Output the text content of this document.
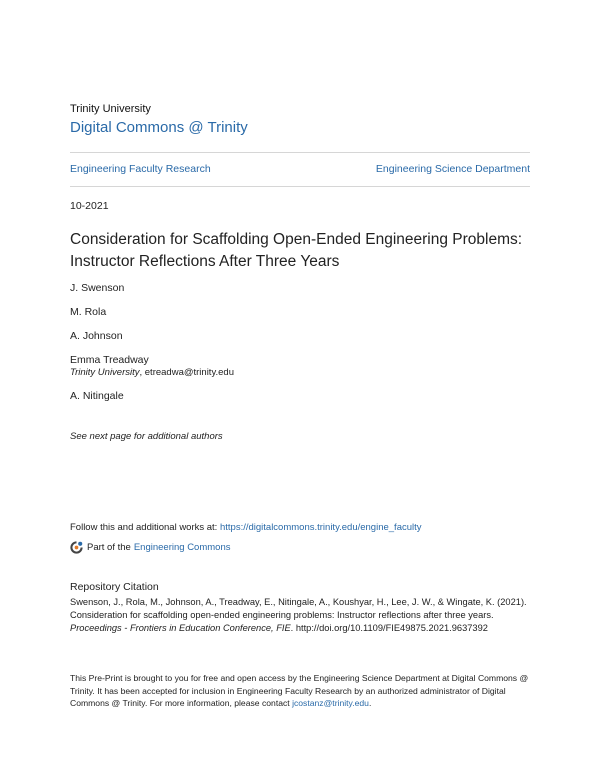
Trinity University
Digital Commons @ Trinity
Engineering Faculty Research	Engineering Science Department
10-2021
Consideration for Scaffolding Open-Ended Engineering Problems: Instructor Reflections After Three Years
J. Swenson
M. Rola
A. Johnson
Emma Treadway
Trinity University, etreadwa@trinity.edu
A. Nitingale
See next page for additional authors
Follow this and additional works at: https://digitalcommons.trinity.edu/engine_faculty
Part of the Engineering Commons
Repository Citation
Swenson, J., Rola, M., Johnson, A., Treadway, E., Nitingale, A., Koushyar, H., Lee, J. W., & Wingate, K. (2021). Consideration for scaffolding open-ended engineering problems: Instructor reflections after three years. Proceedings - Frontiers in Education Conference, FIE. http://doi.org/10.1109/FIE49875.2021.9637392
This Pre-Print is brought to you for free and open access by the Engineering Science Department at Digital Commons @ Trinity. It has been accepted for inclusion in Engineering Faculty Research by an authorized administrator of Digital Commons @ Trinity. For more information, please contact jcostanz@trinity.edu.
